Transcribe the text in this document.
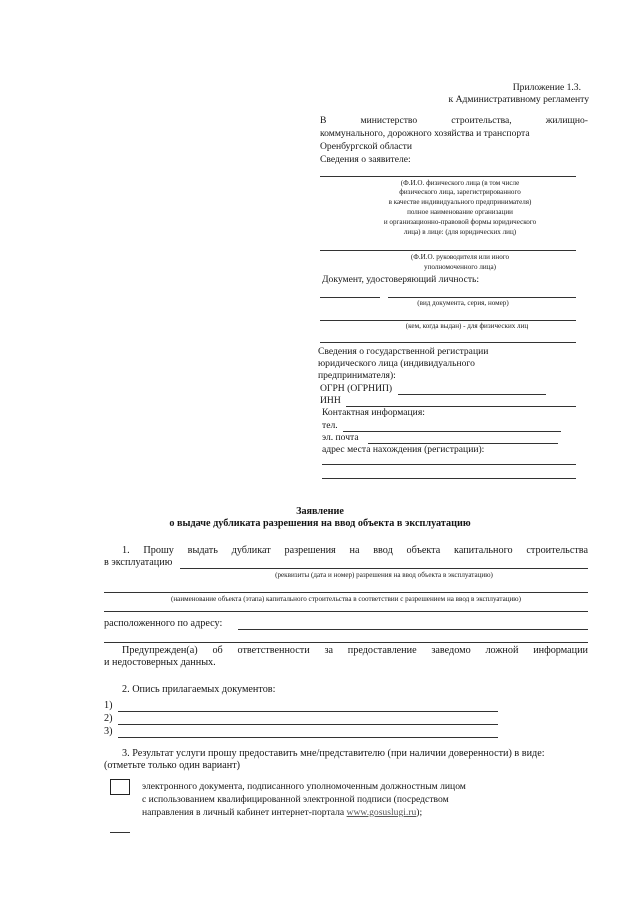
Приложение 1.3.
к Административному регламенту
В министерство строительства, жилищно-
коммунального, дорожного хозяйства и транспорта
Оренбургской области
Сведения о заявителе:
(Ф.И.О. физического лица (в том числе
физического лица, зарегистрированного
в качестве индивидуального предпринимателя)
полное наименование организации
и организационно-правовой формы юридического
лица) в лице: (для юридических лиц)
(Ф.И.О. руководителя или иного
уполномоченного лица)
Документ, удостоверяющий личность:
(вид документа, серия, номер)
(кем, когда выдан) - для физических лиц
Сведения о государственной регистрации
юридического лица (индивидуального
предпринимателя):
ОГРН (ОГРНИП)
ИНН
Контактная информация:
тел.
эл. почта
адрес места нахождения (регистрации):
Заявление
о выдаче дубликата разрешения на ввод объекта в эксплуатацию
1. Прошу выдать дубликат разрешения на ввод объекта капитального строительства
в эксплуатацию
(реквизиты (дата и номер) разрешения на ввод объекта в эксплуатацию)
(наименование объекта (этапа) капитального строительства в соответствии с разрешением на ввод в эксплуатацию)
расположенного по адресу:
Предупрежден(а) об ответственности за предоставление заведомо ложной информации
и недостоверных данных.
2. Опись прилагаемых документов:
1)
2)
3)
3. Результат услуги прошу предоставить мне/представителю (при наличии доверенности) в виде:
(отметьте только один вариант)
электронного документа, подписанного уполномоченным должностным лицом
с использованием квалифицированной электронной подписи (посредством
направления в личный кабинет интернет-портала www.gosuslugi.ru);
